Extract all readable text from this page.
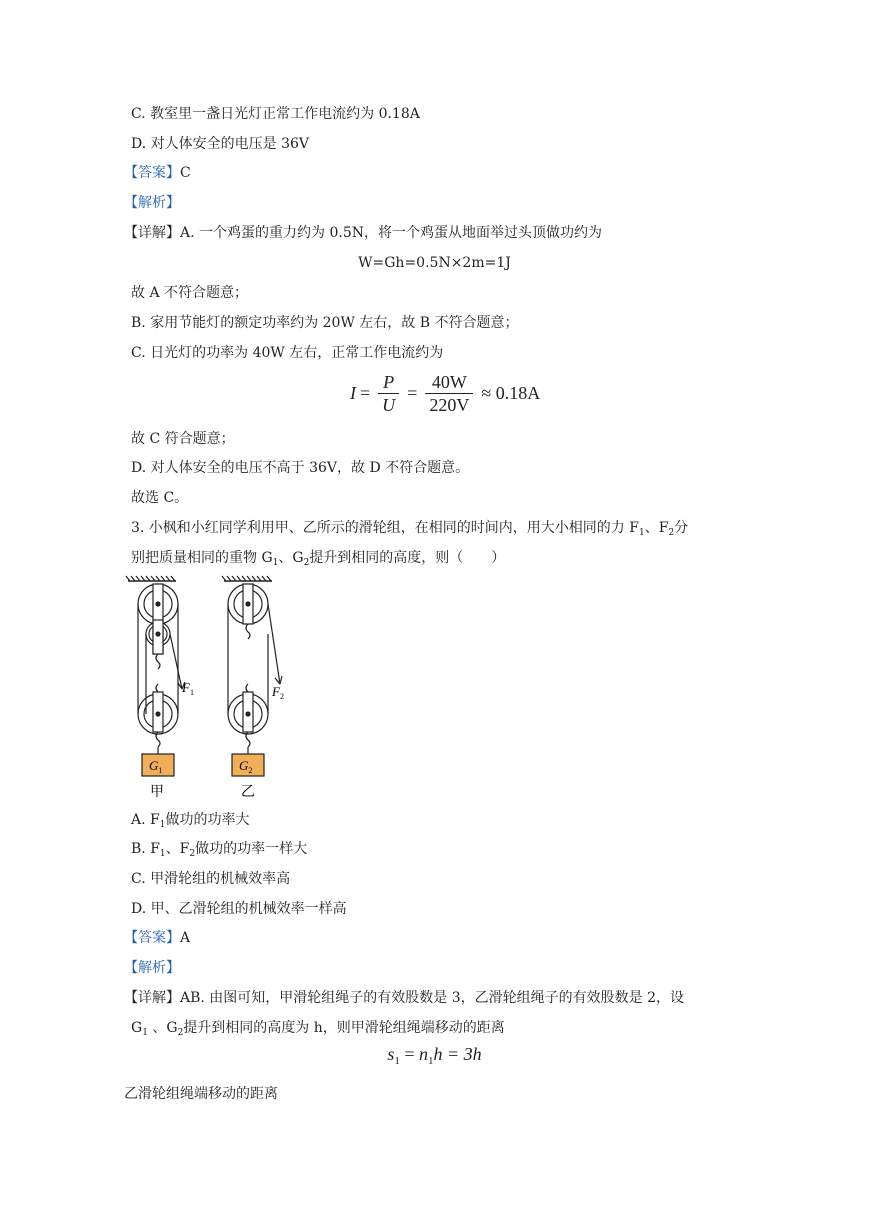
C. 教室里一盏日光灯正常工作电流约为 0.18A
D. 对人体安全的电压是 36V
【答案】C
【解析】
【详解】A. 一个鸡蛋的重力约为 0.5N，将一个鸡蛋从地面举过头顶做功约为
W=Gh=0.5N×2m=1J
故 A 不符合题意；
B. 家用节能灯的额定功率约为 20W 左右，故 B 不符合题意；
C. 日光灯的功率为 40W 左右，正常工作电流约为
$I = \frac{P}{U} = \frac{40W}{220V} \approx 0.18A$
故 C 符合题意；
D. 对人体安全的电压不高于 36V，故 D 不符合题意。
故选 C。
3. 小枫和小红同学利用甲、乙所示的滑轮组，在相同的时间内，用大小相同的力 $F_1$、$F_2$分
别把质量相同的重物 $G_1$、$G_2$提升到相同的高度，则（　　）
$F_1$
$G_1$
甲
$F_2$
$G_2$
乙
A. $F_1$做功的功率大
B. $F_1$、$F_2$做功的功率一样大
C. 甲滑轮组的机械效率高
D. 甲、乙滑轮组的机械效率一样高
【答案】A
【解析】
【详解】AB. 由图可知，甲滑轮组绳子的有效股数是 3，乙滑轮组绳子的有效股数是 2，设
$G_1$ 、$G_2$提升到相同的高度为 h，则甲滑轮组绳端移动的距离
$s_1 = n_1h = 3h$
乙滑轮组绳端移动的距离
